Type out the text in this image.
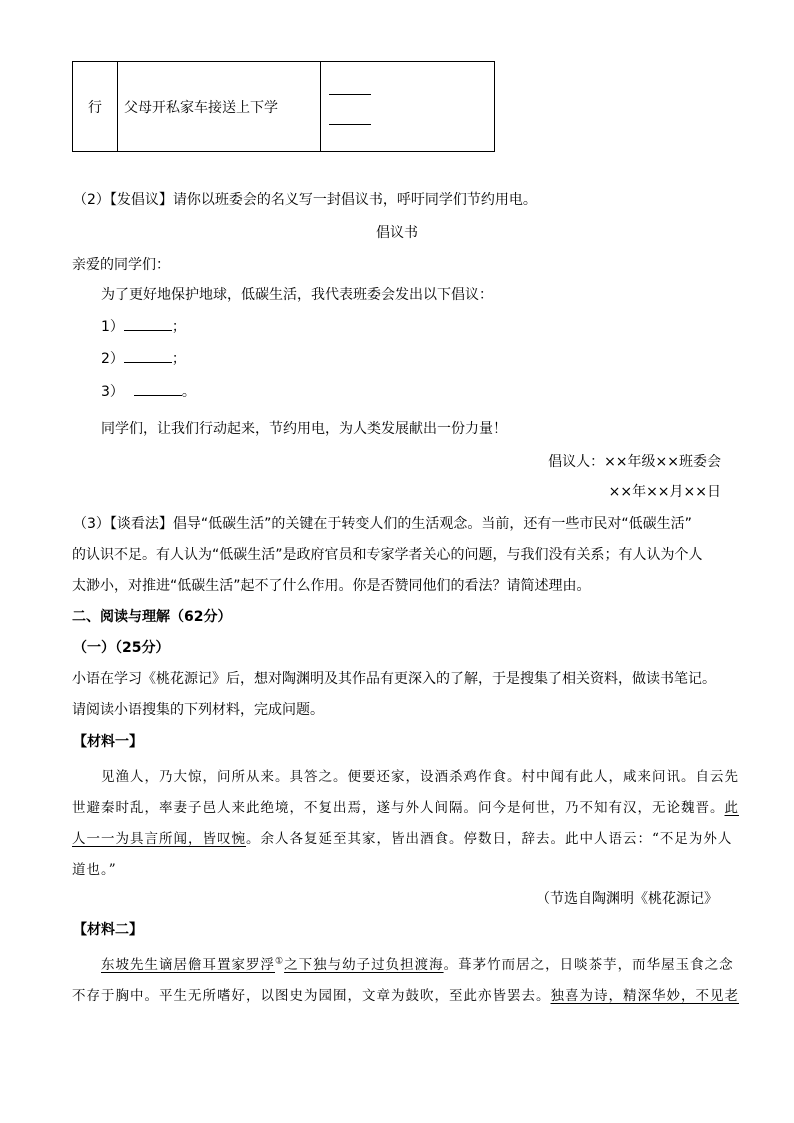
行	父母开私家车接送上下学	
（2）【发倡议】请你以班委会的名义写一封倡议书，呼吁同学们节约用电。
倡议书
亲爱的同学们：
为了更好地保护地球，低碳生活，我代表班委会发出以下倡议：
1）	；
2）	；
3）	。
同学们，让我们行动起来，节约用电，为人类发展献出一份力量！
倡议人：××年级××班委会
××年××月××日
（3）【谈看法】倡导“低碳生活”的关键在于转变人们的生活观念。当前，还有一些市民对“低碳生活”
的认识不足。有人认为“低碳生活”是政府官员和专家学者关心的问题，与我们没有关系；有人认为个人
太渺小，对推进“低碳生活”起不了什么作用。你是否赞同他们的看法？请简述理由。
二、阅读与理解（62分）
（一）（25分）
小语在学习《桃花源记》后，想对陶渊明及其作品有更深入的了解，于是搜集了相关资料，做读书笔记。
请阅读小语搜集的下列材料，完成问题。
【材料一】
见渔人，乃大惊，问所从来。具答之。便要还家，设酒杀鸡作食。村中闻有此人，咸来问讯。自云先
世避秦时乱，率妻子邑人来此绝境，不复出焉，遂与外人间隔。问今是何世，乃不知有汉，无论魏晋。此
人一一为具言所闻，皆叹惋。余人各复延至其家，皆出酒食。停数日，辞去。此中人语云：“不足为外人
道也。”
（节选自陶渊明《桃花源记》
【材料二】
东坡先生谪居儋耳置家罗浮①之下独与幼子过负担渡海。葺茅竹而居之，日啖茶芋，而华屋玉食之念
不存于胸中。平生无所嗜好，以图史为园囿，文章为鼓吹，至此亦皆罢去。独喜为诗，精深华妙，不见老
